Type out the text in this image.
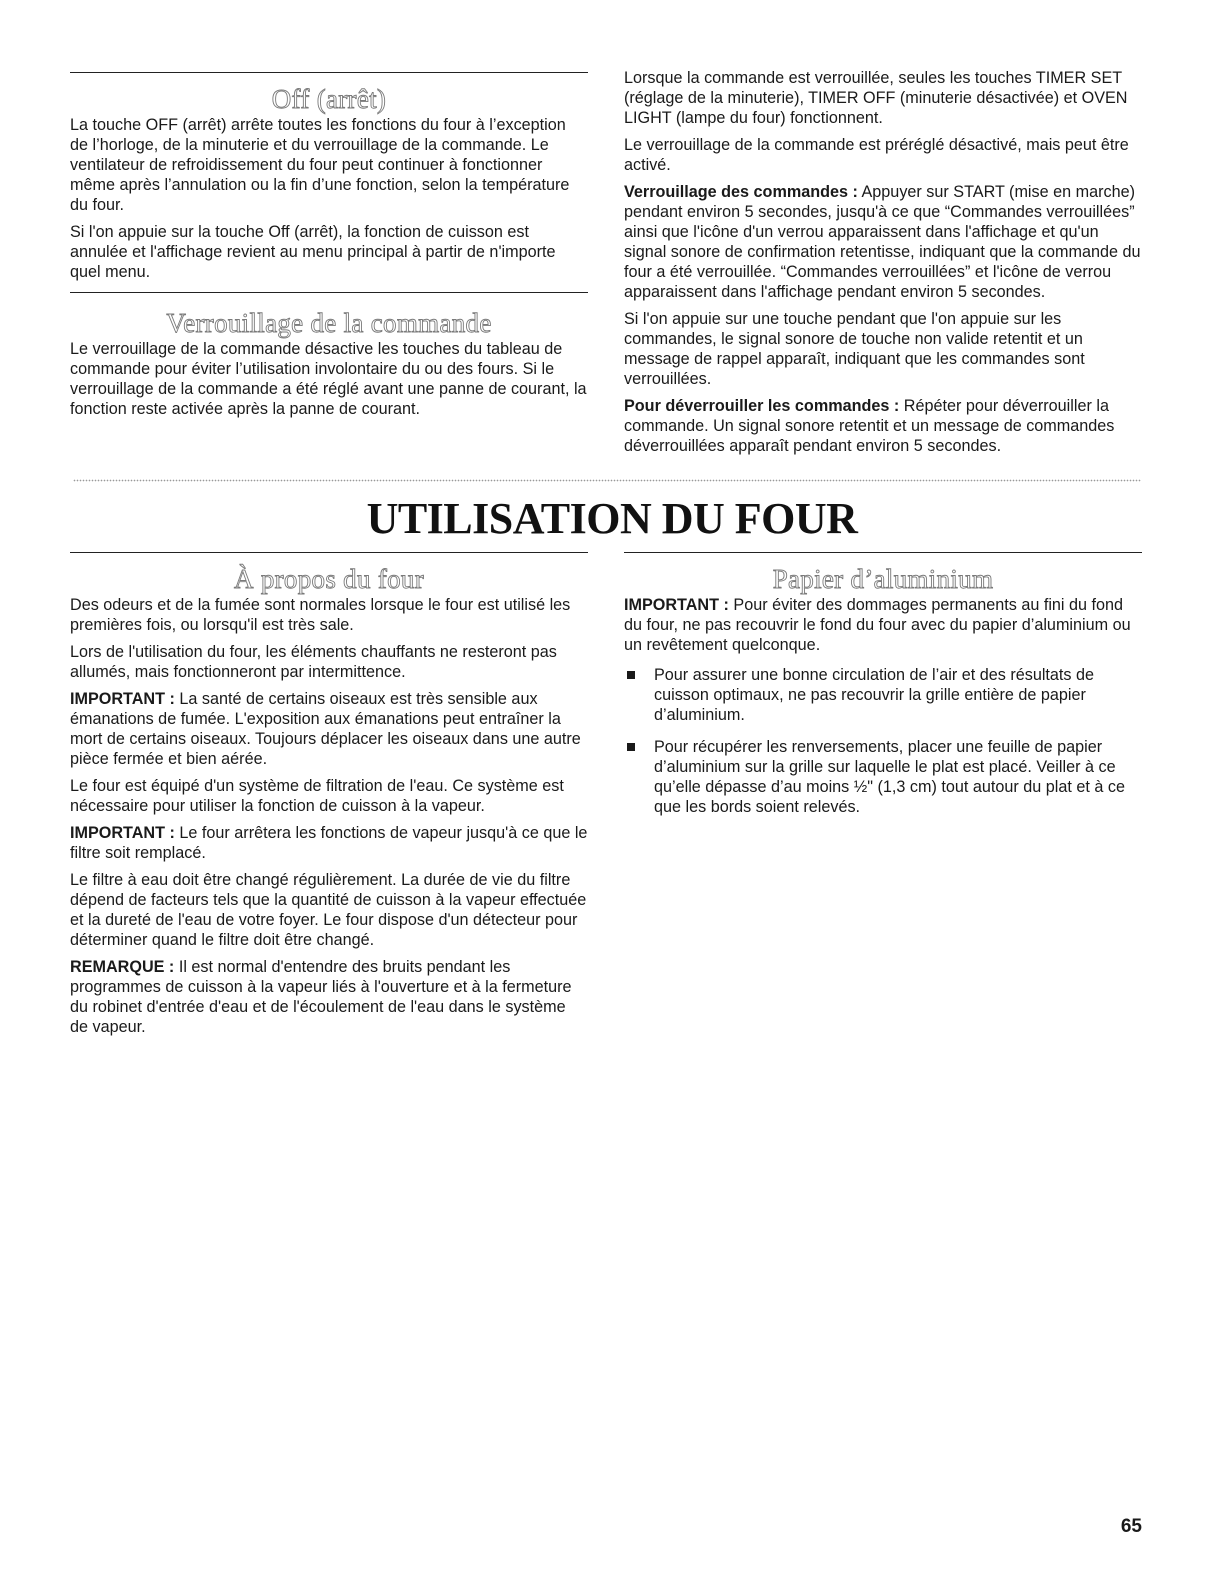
Off (arrêt)

La touche OFF (arrêt) arrête toutes les fonctions du four à l’exception de l’horloge, de la minuterie et du verrouillage de la commande. Le ventilateur de refroidissement du four peut continuer à fonctionner même après l’annulation ou la fin d’une fonction, selon la température du four.

Si l'on appuie sur la touche Off (arrêt), la fonction de cuisson est annulée et l'affichage revient au menu principal à partir de n'importe quel menu.

Verrouillage de la commande

Le verrouillage de la commande désactive les touches du tableau de commande pour éviter l’utilisation involontaire du ou des fours. Si le verrouillage de la commande a été réglé avant une panne de courant, la fonction reste activée après la panne de courant.

Lorsque la commande est verrouillée, seules les touches TIMER SET (réglage de la minuterie), TIMER OFF (minuterie désactivée) et OVEN LIGHT (lampe du four) fonctionnent.

Le verrouillage de la commande est préréglé désactivé, mais peut être activé.

Verrouillage des commandes : Appuyer sur START (mise en marche) pendant environ 5 secondes, jusqu'à ce que “Commandes verrouillées” ainsi que l'icône d'un verrou apparaissent dans l'affichage et qu'un signal sonore de confirmation retentisse, indiquant que la commande du four a été verrouillée. “Commandes verrouillées” et l'icône de verrou apparaissent dans l'affichage pendant environ 5 secondes.

Si l'on appuie sur une touche pendant que l'on appuie sur les commandes, le signal sonore de touche non valide retentit et un message de rappel apparaît, indiquant que les commandes sont verrouillées.

Pour déverrouiller les commandes : Répéter pour déverrouiller la commande. Un signal sonore retentit et un message de commandes déverrouillées apparaît pendant environ 5 secondes.

UTILISATION DU FOUR
À propos du four

Des odeurs et de la fumée sont normales lorsque le four est utilisé les premières fois, ou lorsqu'il est très sale.

Lors de l'utilisation du four, les éléments chauffants ne resteront pas allumés, mais fonctionneront par intermittence.

IMPORTANT : La santé de certains oiseaux est très sensible aux émanations de fumée. L'exposition aux émanations peut entraîner la mort de certains oiseaux. Toujours déplacer les oiseaux dans une autre pièce fermée et bien aérée.

Le four est équipé d'un système de filtration de l'eau. Ce système est nécessaire pour utiliser la fonction de cuisson à la vapeur.

IMPORTANT : Le four arrêtera les fonctions de vapeur jusqu'à ce que le filtre soit remplacé.

Le filtre à eau doit être changé régulièrement. La durée de vie du filtre dépend de facteurs tels que la quantité de cuisson à la vapeur effectuée et la dureté de l'eau de votre foyer. Le four dispose d'un détecteur pour déterminer quand le filtre doit être changé.

REMARQUE : Il est normal d'entendre des bruits pendant les programmes de cuisson à la vapeur liés à l'ouverture et à la fermeture du robinet d'entrée d'eau et de l'écoulement de l'eau dans le système de vapeur.

Papier d’aluminium

IMPORTANT : Pour éviter des dommages permanents au fini du fond du four, ne pas recouvrir le fond du four avec du papier d’aluminium ou un revêtement quelconque.

Pour assurer une bonne circulation de l’air et des résultats de cuisson optimaux, ne pas recouvrir la grille entière de papier d’aluminium.
Pour récupérer les renversements, placer une feuille de papier d’aluminium sur la grille sur laquelle le plat est placé. Veiller à ce qu’elle dépasse d’au moins ½" (1,3 cm) tout autour du plat et à ce que les bords soient relevés.
65
